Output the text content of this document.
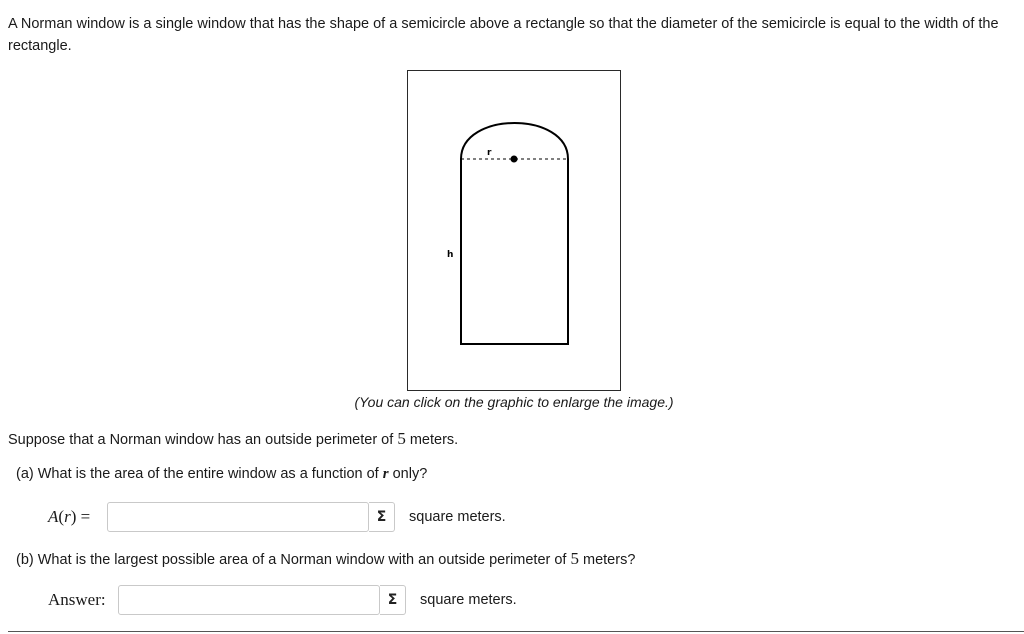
A Norman window is a single window that has the shape of a semicircle above a rectangle so that the diameter of the semicircle is equal to the width of the rectangle.
r
h
(You can click on the graphic to enlarge the image.)
Suppose that a Norman window has an outside perimeter of 5 meters.
(a) What is the area of the entire window as a function of r only?
A(r) =	Σ	square meters.
(b) What is the largest possible area of a Norman window with an outside perimeter of 5 meters?
Answer:	Σ	square meters.
